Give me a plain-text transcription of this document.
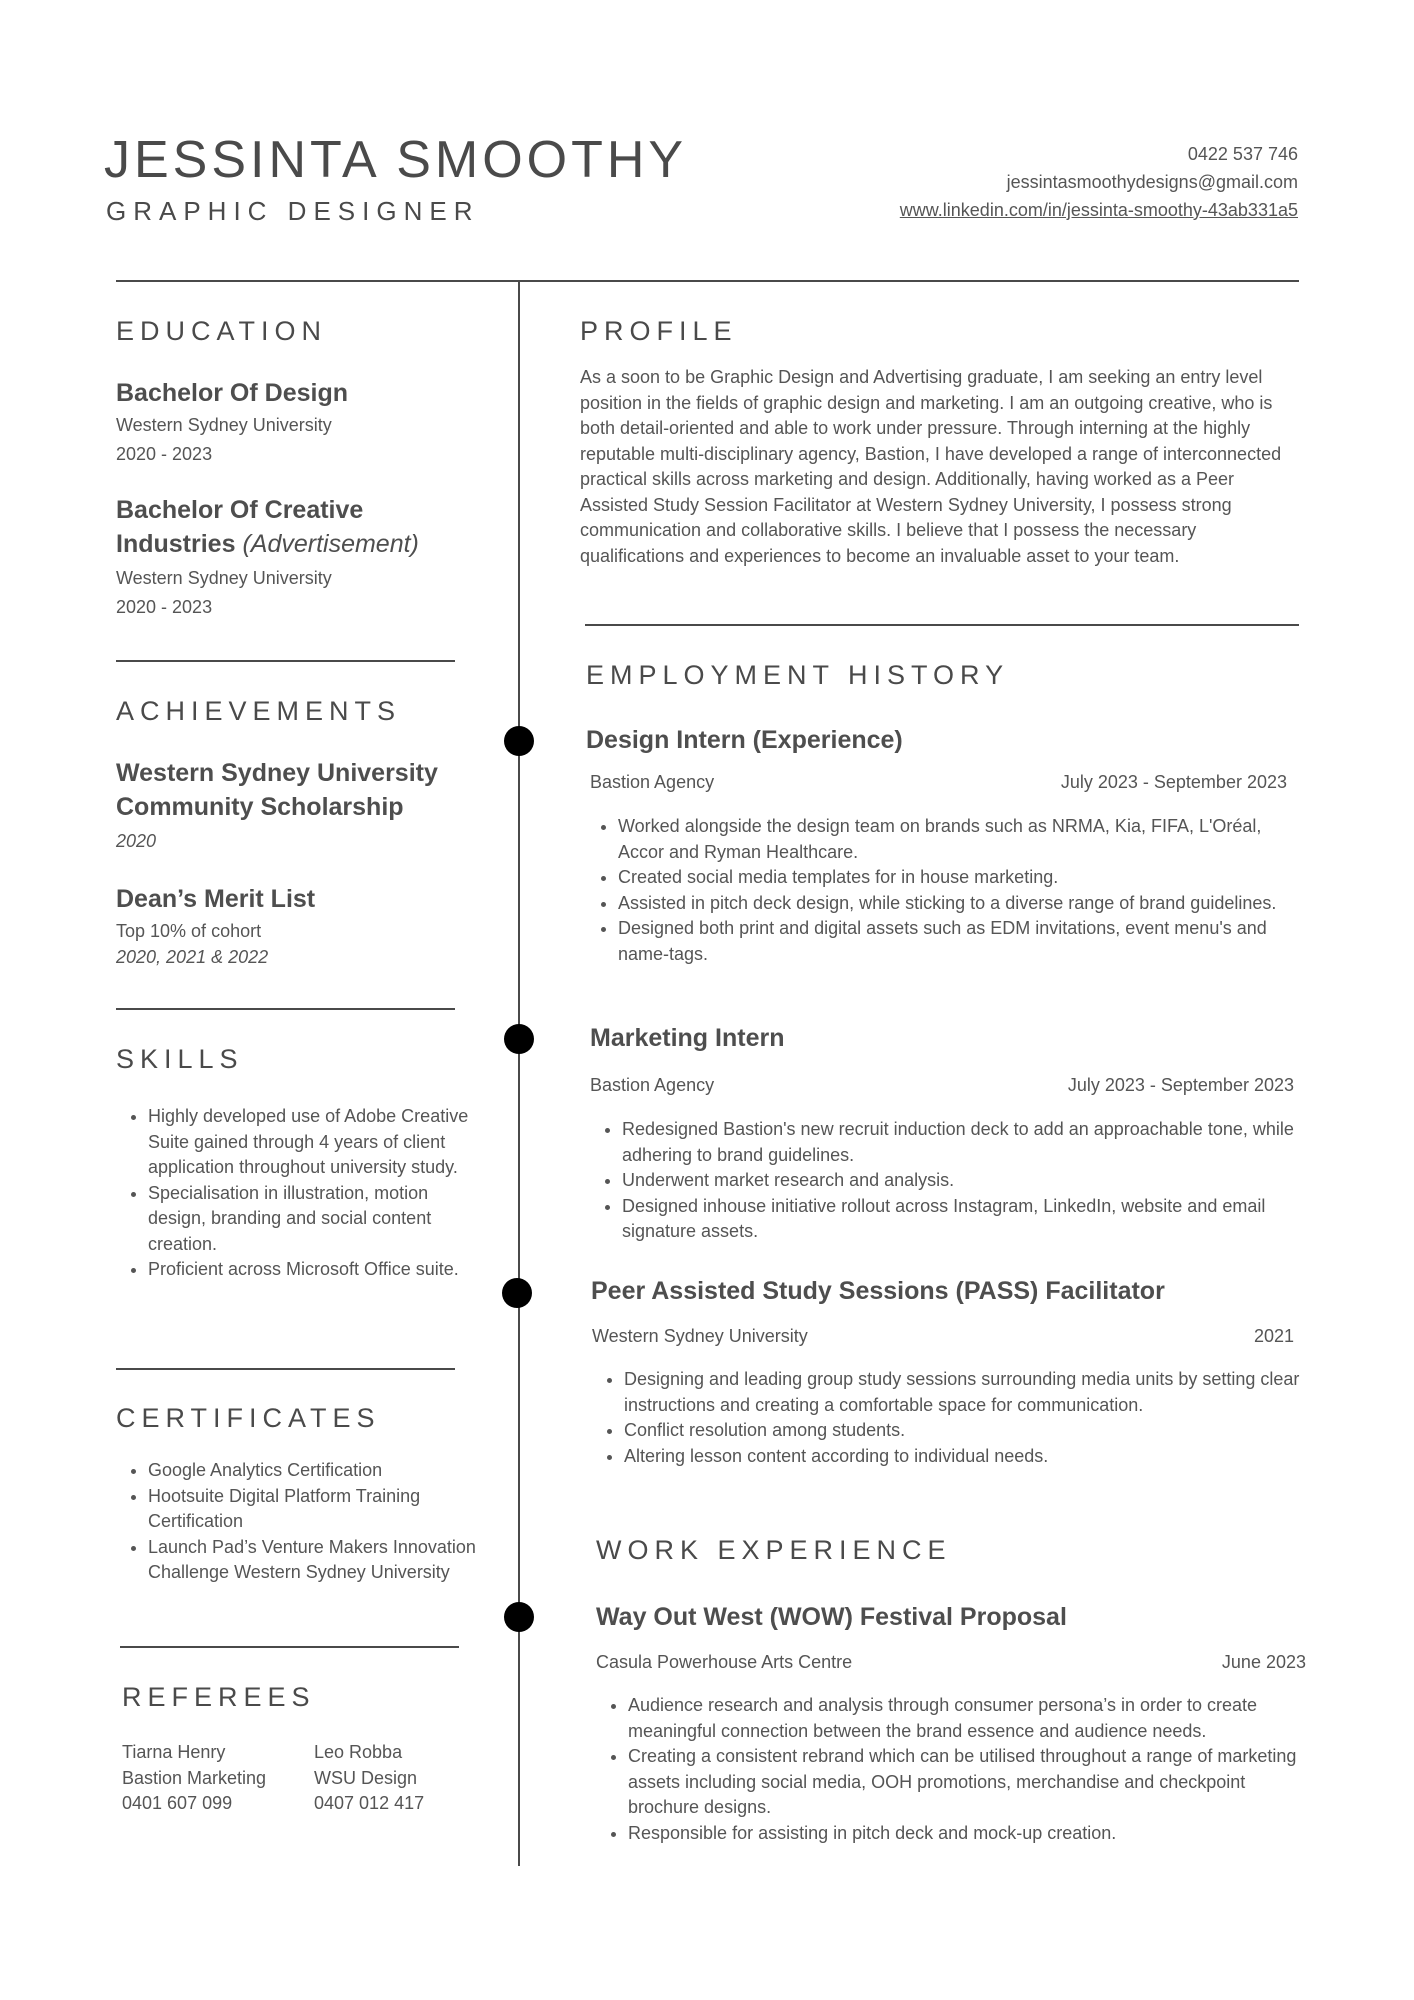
JESSINTA SMOOTHY
GRAPHIC DESIGNER
0422 537 746
jessintasmoothydesigns@gmail.com
www.linkedin.com/in/jessinta-smoothy-43ab331a5
EDUCATION
Bachelor Of Design
Western Sydney University
2020 - 2023
Bachelor Of Creative
Industries (Advertisement)
Western Sydney University
2020 - 2023
ACHIEVEMENTS
Western Sydney University
Community Scholarship
2020
Dean’s Merit List
Top 10% of cohort
2020, 2021 & 2022
SKILLS
• Highly developed use of Adobe Creative Suite gained through 4 years of client application throughout university study.
• Specialisation in illustration, motion design, branding and social content creation.
• Proficient across Microsoft Office suite.
CERTIFICATES
• Google Analytics Certification
• Hootsuite Digital Platform Training Certification
• Launch Pad’s Venture Makers Innovation Challenge Western Sydney University
REFEREES
Tiarna Henry
Bastion Marketing
0401 607 099
Leo Robba
WSU Design
0407 012 417
PROFILE
As a soon to be Graphic Design and Advertising graduate, I am seeking an entry level position in the fields of graphic design and marketing. I am an outgoing creative, who is both detail-oriented and able to work under pressure. Through interning at the highly reputable multi-disciplinary agency, Bastion, I have developed a range of interconnected practical skills across marketing and design. Additionally, having worked as a Peer Assisted Study Session Facilitator at Western Sydney University, I possess strong communication and collaborative skills. I believe that I possess the necessary qualifications and experiences to become an invaluable asset to your team.
EMPLOYMENT HISTORY
Design Intern (Experience)
Bastion Agency	July 2023 - September 2023
• Worked alongside the design team on brands such as NRMA, Kia, FIFA, L'Oréal, Accor and Ryman Healthcare.
• Created social media templates for in house marketing.
• Assisted in pitch deck design, while sticking to a diverse range of brand guidelines.
• Designed both print and digital assets such as EDM invitations, event menu's and name-tags.
Marketing Intern
Bastion Agency	July 2023 - September 2023
• Redesigned Bastion's new recruit induction deck to add an approachable tone, while adhering to brand guidelines.
• Underwent market research and analysis.
• Designed inhouse initiative rollout across Instagram, LinkedIn, website and email signature assets.
Peer Assisted Study Sessions (PASS) Facilitator
Western Sydney University	2021
• Designing and leading group study sessions surrounding media units by setting clear instructions and creating a comfortable space for communication.
• Conflict resolution among students.
• Altering lesson content according to individual needs.
WORK EXPERIENCE
Way Out West (WOW) Festival Proposal
Casula Powerhouse Arts Centre	June 2023
• Audience research and analysis through consumer persona’s in order to create meaningful connection between the brand essence and audience needs.
• Creating a consistent rebrand which can be utilised throughout a range of marketing assets including social media, OOH promotions, merchandise and checkpoint brochure designs.
• Responsible for assisting in pitch deck and mock-up creation.
